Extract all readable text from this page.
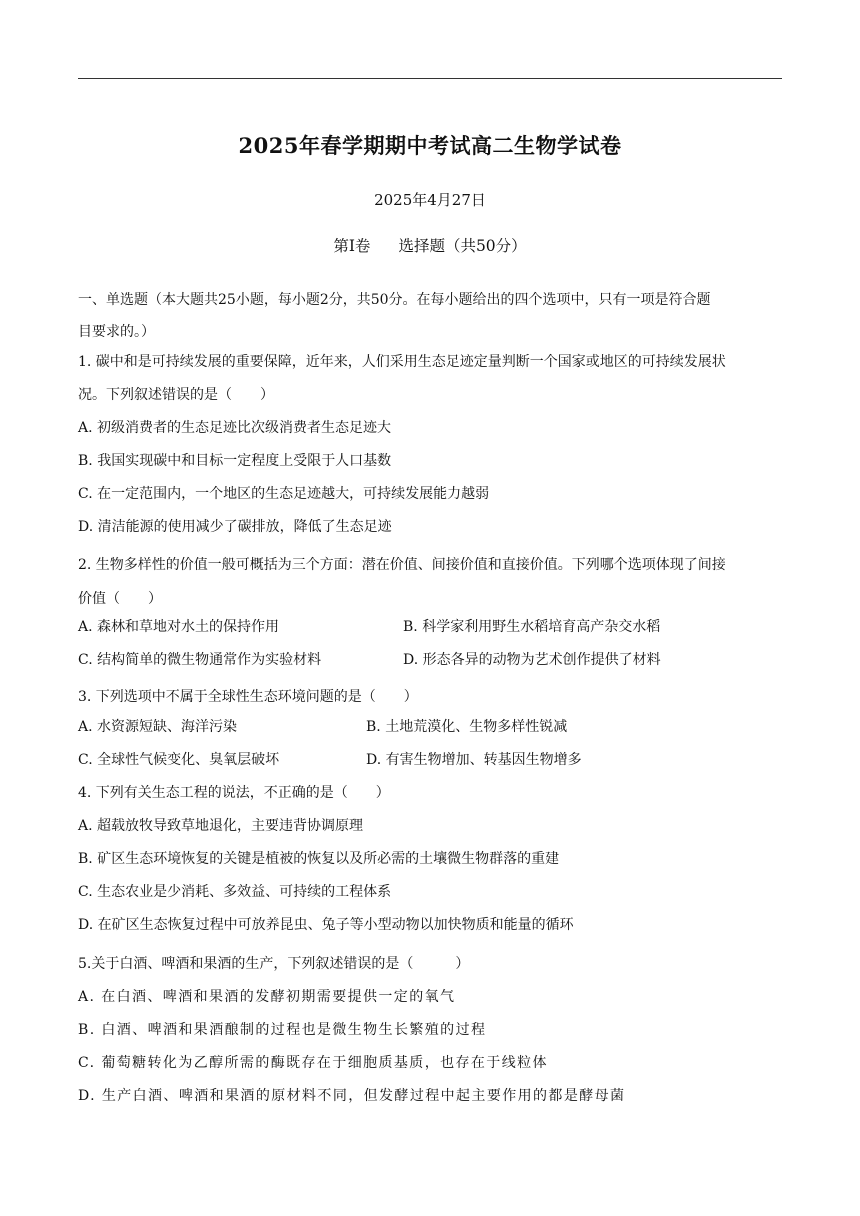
2025年春学期期中考试高二生物学试卷
2025年4月27日
第Ⅰ卷 选择题（共50分）
一、单选题（本大题共25小题，每小题2分，共50分。在每小题给出的四个选项中，只有一项是符合题
目要求的。）
1. 碳中和是可持续发展的重要保障，近年来，人们采用生态足迹定量判断一个国家或地区的可持续发展状
况。下列叙述错误的是（　　）
A. 初级消费者的生态足迹比次级消费者生态足迹大
B. 我国实现碳中和目标一定程度上受限于人口基数
C. 在一定范围内，一个地区的生态足迹越大，可持续发展能力越弱
D. 清洁能源的使用减少了碳排放，降低了生态足迹
2. 生物多样性的价值一般可概括为三个方面：潜在价值、间接价值和直接价值。下列哪个选项体现了间接
价值（　　）
A. 森林和草地对水土的保持作用	B. 科学家利用野生水稻培育高产杂交水稻
C. 结构简单的微生物通常作为实验材料	D. 形态各异的动物为艺术创作提供了材料
3. 下列选项中不属于全球性生态环境问题的是（　　）
A. 水资源短缺、海洋污染	B. 土地荒漠化、生物多样性锐减
C. 全球性气候变化、臭氧层破坏	D. 有害生物增加、转基因生物增多
4. 下列有关生态工程的说法，不正确的是（　　）
A. 超载放牧导致草地退化，主要违背协调原理
B. 矿区生态环境恢复的关键是植被的恢复以及所必需的土壤微生物群落的重建
C. 生态农业是少消耗、多效益、可持续的工程体系
D. 在矿区生态恢复过程中可放养昆虫、兔子等小型动物以加快物质和能量的循环
5.关于白酒、啤酒和果酒的生产，下列叙述错误的是（　　　）
A. 在白酒、啤酒和果酒的发酵初期需要提供一定的氧气
B. 白酒、啤酒和果酒酿制的过程也是微生物生长繁殖的过程
C. 葡萄糖转化为乙醇所需的酶既存在于细胞质基质，也存在于线粒体
D. 生产白酒、啤酒和果酒的原材料不同，但发酵过程中起主要作用的都是酵母菌
